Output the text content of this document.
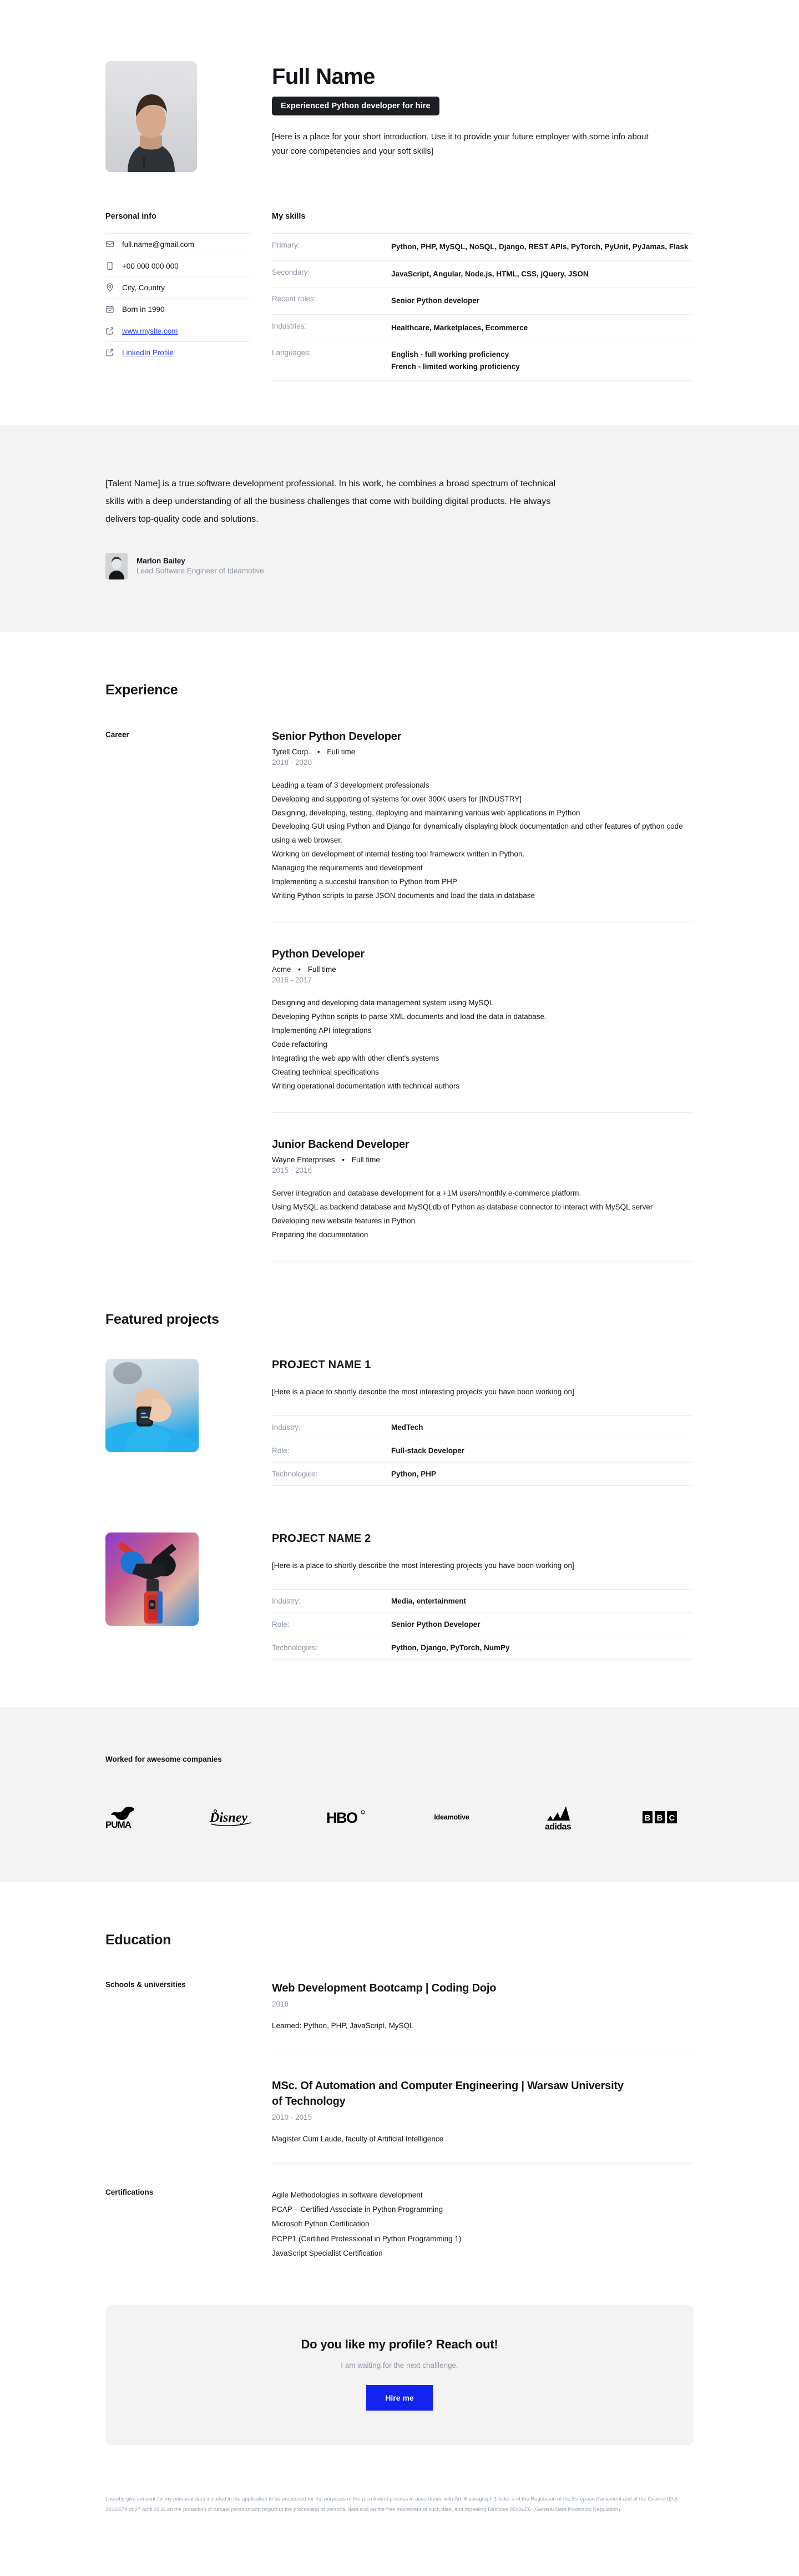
Full Name
Experienced Python developer for hire

[Here is a place for your short introduction. Use it to provide your future employer with some info about your core competencies and your soft skills]

Personal info
full.name@gmail.com
+00 000 000 000
City, Country
Born in 1990
www.mysite.com
LinkedIn Profile
My skills
Primary:	Python, PHP, MySQL, NoSQL, Django, REST APIs, PyTorch, PyUnit, PyJamas, Flask
Secondary:	JavaScript, Angular, Node.js, HTML, CSS, jQuery, JSON
Recent roles:	Senior Python developer
Industries:	Healthcare, Marketplaces, Ecommerce
Languages:	English - full working proficiency
French - limited working proficiency

[Talent Name] is a true software development professional. In his work, he combines a broad spectrum of technical skills with a deep understanding of all the business challenges that come with building digital products. He always delivers top-quality code and solutions.

Marlon Bailey
Lead Software Engineer of Ideamotive
Experience
Career	Senior Python Developer
Tyrell Corp. • Full time
2018 - 2020
Leading a team of 3 development professionals
Developing and supporting of systems for over 300K users for [INDUSTRY]
Designing, developing, testing, deploying and maintaining various web applications in Python
Developing GUI using Python and Django for dynamically displaying block documentation and other features of python code using a web browser.
Working on development of internal testing tool framework written in Python.
Managing the requirements and development
Implementing a succesful transition to Python from PHP
Writing Python scripts to parse JSON documents and load the data in database
Python Developer
Acme • Full time
2016 - 2017
Designing and developing data management system using MySQL
Developing Python scripts to parse XML documents and load the data in database.
Implementing API integrations
Code refactoring
Integrating the web app with other client's systems
Creating technical specifications
Writing operational documentation with technical authors
Junior Backend Developer
Wayne Enterprises • Full time
2015 - 2016
Server integration and database development for a +1M users/monthly e-commerce platform.
Using MySQL as backend database and MySQLdb of Python as database connector to interact with MySQL server
Developing new website features in Python
Preparing the documentation
Featured projects
PROJECT NAME 1
[Here is a place to shortly describe the most interesting projects you have boon working on]
Industry:	MedTech
Role:	Full-stack Developer
Technologies:	Python, PHP
PROJECT NAME 2
[Here is a place to shortly describe the most interesting projects you have boon working on]
Industry:	Media, entertainment
Role:	Senior Python Developer
Technologies:	Python, Django, PyTorch, NumPy
Worked for awesome companies
PUMA	Disney	HBO	Ideamotive
adidas
B B C
Education
Schools & universities	Web Development Bootcamp | Coding Dojo
2016
Learned: Python, PHP, JavaScript, MySQL
MSc. Of Automation and Computer Engineering | Warsaw University of Technology
2010 - 2015
Magister Cum Laude, faculty of Artificial Intelligence
Certifications	Agile Methodologies in software development
PCAP – Certified Associate in Python Programming
Microsoft Python Certification
PCPP1 (Certified Professional in Python Programming 1)
JavaScript Specialist Certification
Do you like my profile? Reach out!
I am waiting for the next challlenge.
Hire me

I hereby give consent for my personal data included in the application to be processed for the purposes of the recruitment process in accordance with Art. 6 paragraph 1 letter a of the Regulation of the European Parliament and of the Council (EU) 2016/679 of 27 April 2016 on the protection of natural persons with regard to the processing of personal data and on the free movement of such data, and repealing Directive 95/46/EC (General Data Protection Regulation).
